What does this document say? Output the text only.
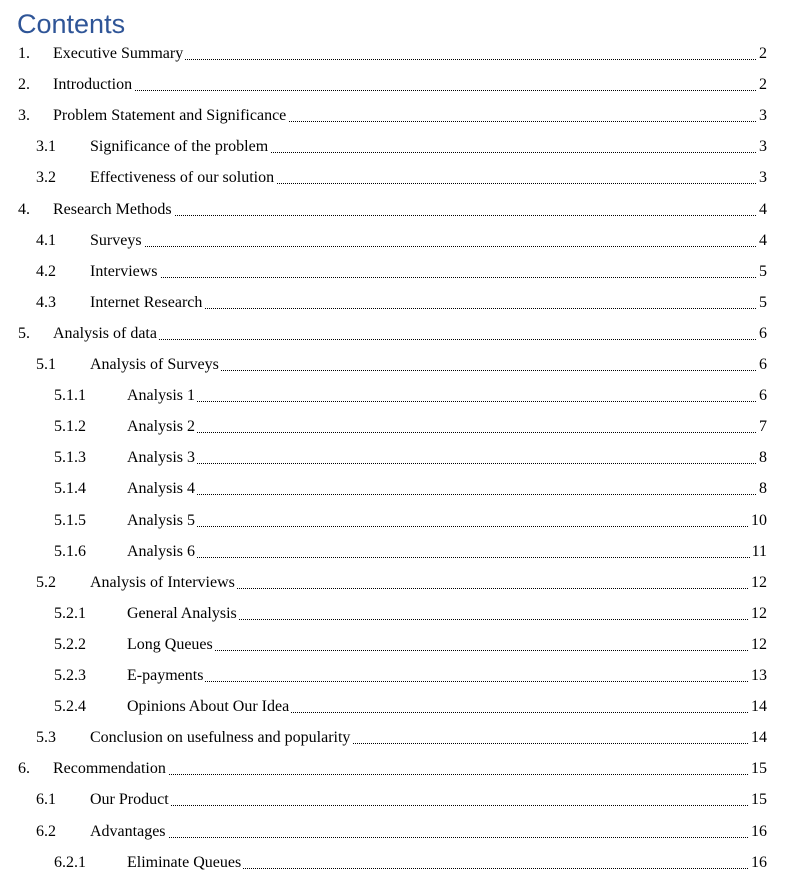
Contents
1. Executive Summary	2
2. Introduction	2
3. Problem Statement and Significance	3
3.1 Significance of the problem	3
3.2 Effectiveness of our solution	3
4. Research Methods	4
4.1 Surveys	4
4.2 Interviews	5
4.3 Internet Research	5
5. Analysis of data	6
5.1 Analysis of Surveys	6
5.1.1	Analysis 1	6
5.1.2	Analysis 2	7
5.1.3	Analysis 3	8
5.1.4	Analysis 4	8
5.1.5	Analysis 5	10
5.1.6	Analysis 6	11
5.2 Analysis of Interviews	12
5.2.1	General Analysis	12
5.2.2	Long Queues	12
5.2.3	E-payments	13
5.2.4	Opinions About Our Idea	14
5.3 Conclusion on usefulness and popularity	14
6. Recommendation	15
6.1 Our Product	15
6.2 Advantages	16
6.2.1	Eliminate Queues	16
